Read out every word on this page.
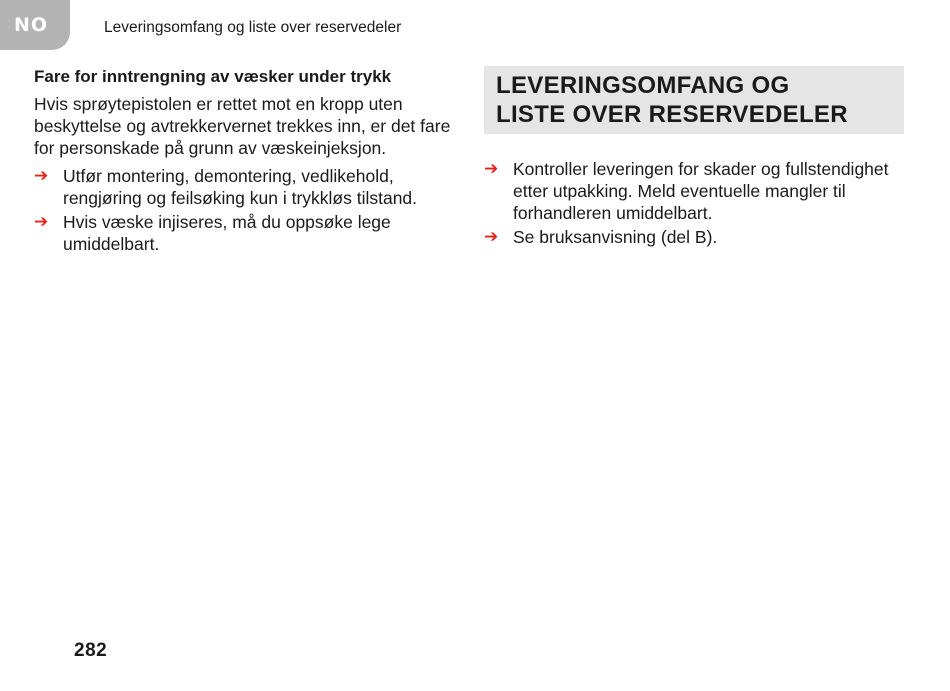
NO	Leveringsomfang og liste over reservedeler

Fare for inntrengning av væsker under trykk

Hvis sprøytepistolen er rettet mot en kropp uten beskyttelse og avtrekkervernet trekkes inn, er det fare for personskade på grunn av væskeinjeksjon.

➔ Utfør montering, demontering, vedlikehold, rengjøring og feilsøking kun i trykkløs tilstand.
➔ Hvis væske injiseres, må du oppsøke lege umiddelbart.
LEVERINGSOMFANG OG
LISTE OVER RESERVEDELER
➔ Kontroller leveringen for skader og fullstendighet etter utpakking. Meld eventuelle mangler til forhandleren umiddelbart.
➔ Se bruksanvisning (del B).
282
